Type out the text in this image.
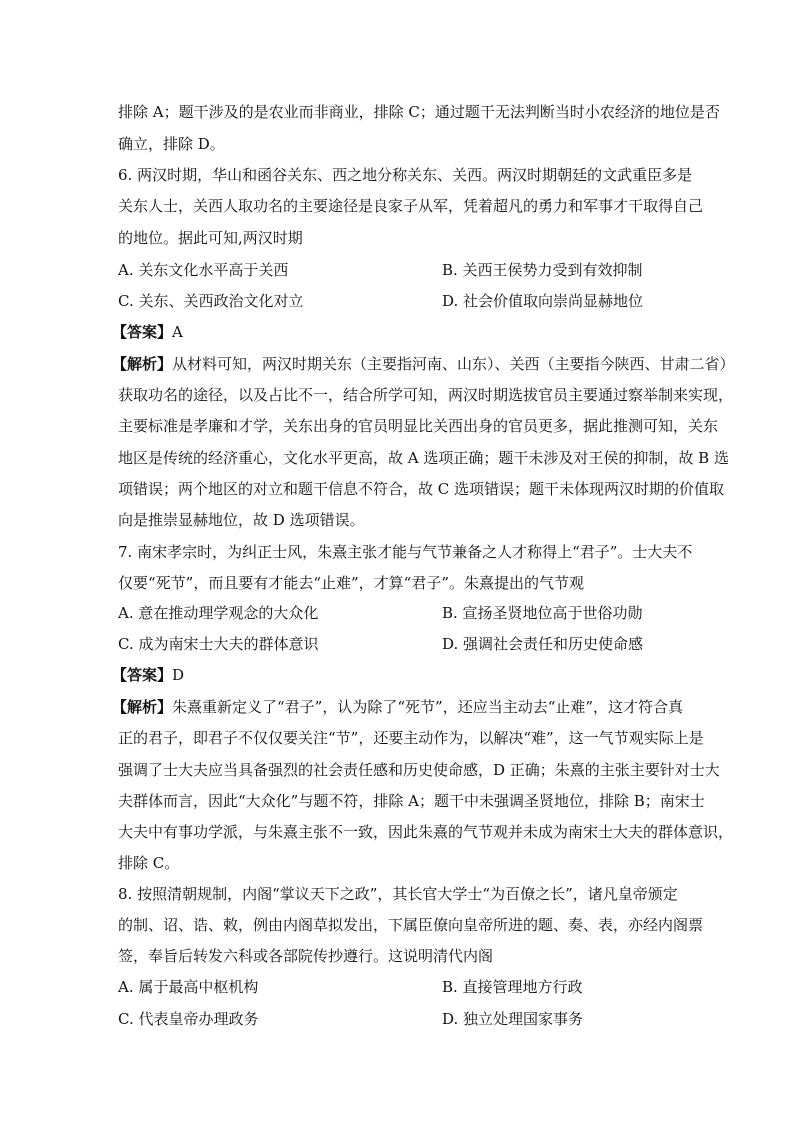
排除 A；题干涉及的是农业而非商业，排除 C；通过题干无法判断当时小农经济的地位是否
确立，排除 D。
6. 两汉时期，华山和函谷关东、西之地分称关东、关西。两汉时期朝廷的文武重臣多是
关东人士，关西人取功名的主要途径是良家子从军，凭着超凡的勇力和军事才干取得自己
的地位。据此可知,两汉时期
A. 关东文化水平高于关西	B. 关西王侯势力受到有效抑制
C. 关东、关西政治文化对立	D. 社会价值取向崇尚显赫地位
【答案】A
【解析】从材料可知，两汉时期关东（主要指河南、山东）、关西（主要指今陕西、甘肃二省）
获取功名的途径，以及占比不一，结合所学可知，两汉时期选拔官员主要通过察举制来实现，
主要标准是孝廉和才学，关东出身的官员明显比关西出身的官员更多，据此推测可知，关东
地区是传统的经济重心，文化水平更高，故 A 选项正确；题干未涉及对王侯的抑制，故 B 选
项错误；两个地区的对立和题干信息不符合，故 C 选项错误；题干未体现两汉时期的价值取
向是推崇显赫地位，故 D 选项错误。
7. 南宋孝宗时，为纠正士风，朱熹主张才能与气节兼备之人才称得上“君子”。士大夫不
仅要“死节”，而且要有才能去“止难”，才算“君子”。朱熹提出的气节观
A. 意在推动理学观念的大众化	B. 宣扬圣贤地位高于世俗功勋
C. 成为南宋士大夫的群体意识	D. 强调社会责任和历史使命感
【答案】D
【解析】朱熹重新定义了“君子”，认为除了“死节”，还应当主动去“止难”，这才符合真
正的君子，即君子不仅仅要关注“节”，还要主动作为，以解决“难”，这一气节观实际上是
强调了士大夫应当具备强烈的社会责任感和历史使命感，D 正确；朱熹的主张主要针对士大
夫群体而言，因此“大众化”与题不符，排除 A；题干中未强调圣贤地位，排除 B；南宋士
大夫中有事功学派，与朱熹主张不一致，因此朱熹的气节观并未成为南宋士大夫的群体意识，
排除 C。
8. 按照清朝规制，内阁“掌议天下之政”，其长官大学士“为百僚之长”，诸凡皇帝颁定
的制、诏、诰、敕，例由内阁草拟发出，下属臣僚向皇帝所进的题、奏、表，亦经内阁票
签，奉旨后转发六科或各部院传抄遵行。这说明清代内阁
A. 属于最高中枢机构	B. 直接管理地方行政
C. 代表皇帝办理政务	D. 独立处理国家事务
